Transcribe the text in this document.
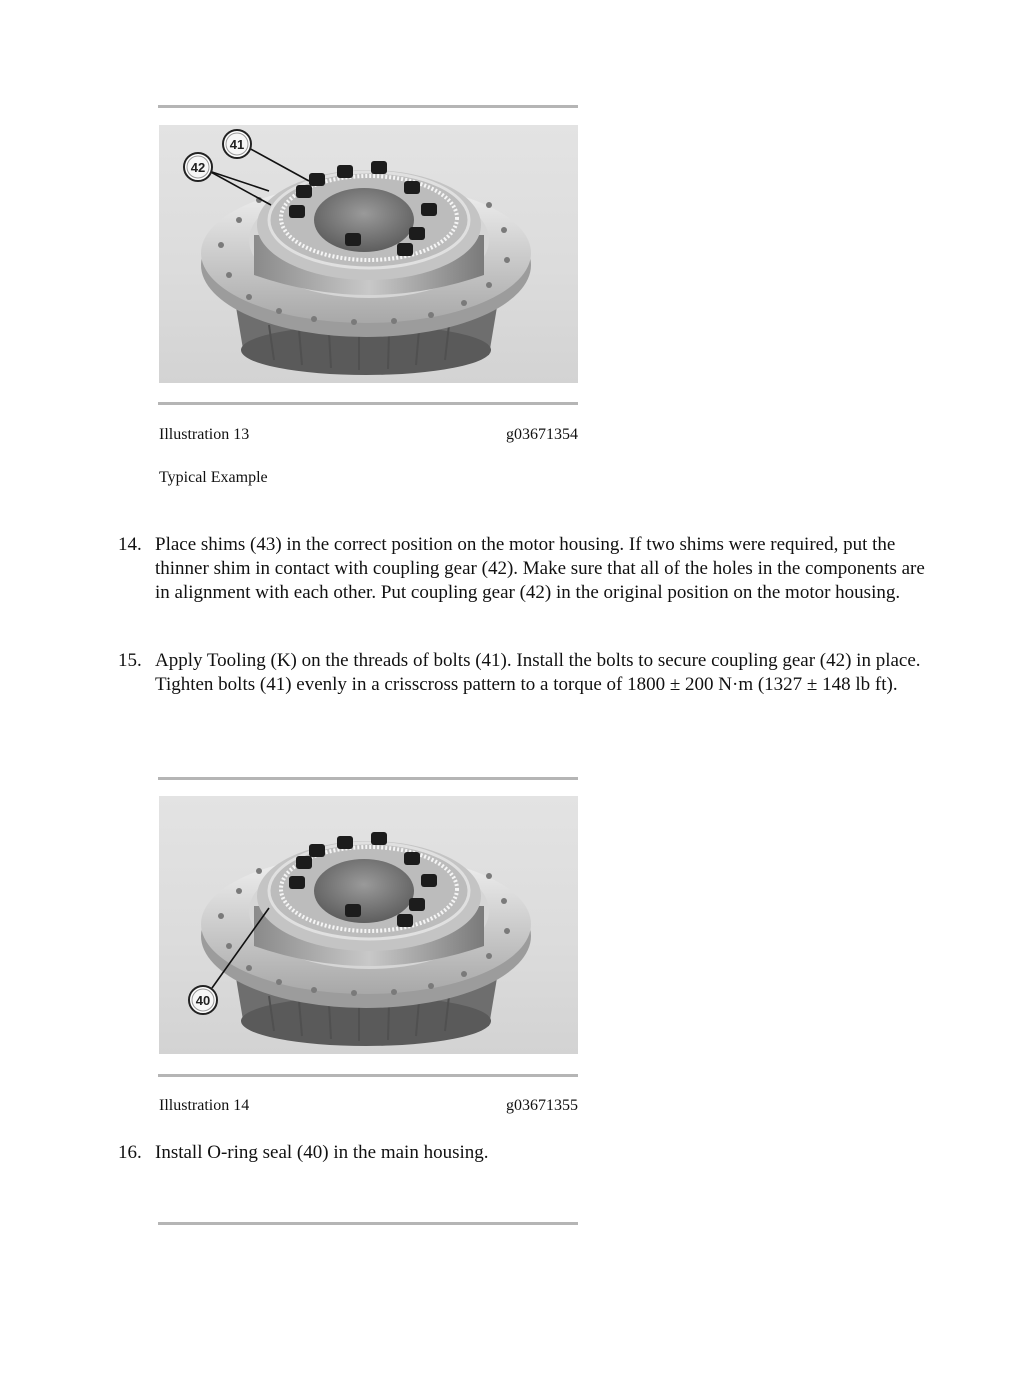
41
42
Illustration 13	g03671354
Typical Example
14. Place shims (43) in the correct position on the motor housing. If two shims were required, put the thinner shim in contact with coupling gear (42). Make sure that all of the holes in the components are in alignment with each other. Put coupling gear (42) in the original position on the motor housing.
15. Apply Tooling (K) on the threads of bolts (41). Install the bolts to secure coupling gear (42) in place. Tighten bolts (41) evenly in a crisscross pattern to a torque of 1800 ± 200 N·m (1327 ± 148 lb ft).
40
Illustration 14	g03671355
16. Install O-ring seal (40) in the main housing.
